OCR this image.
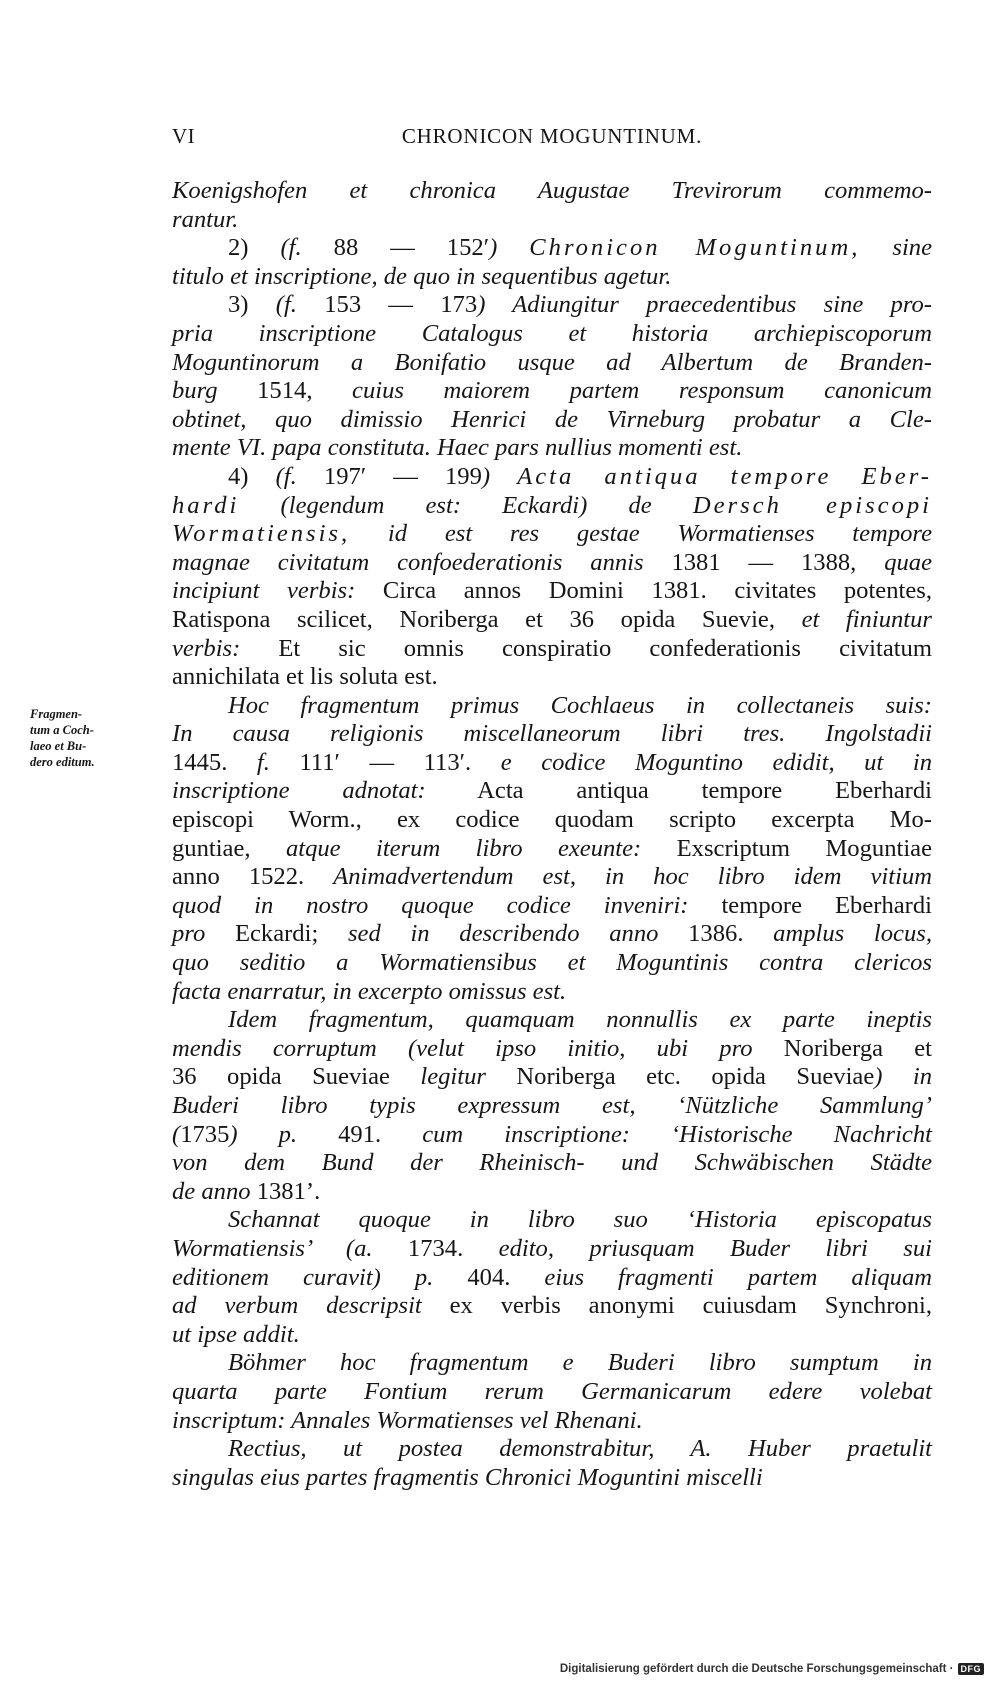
VI	CHRONICON MOGUNTINUM.
Fragmen-
tum a Coch-
laeo et Bu-
dero editum.
Koenigshofen et chronica Augustae Trevirorum commemo-
rantur.
2) (f. 88 — 152′) Chronicon Moguntinum, sine
titulo et inscriptione, de quo in sequentibus agetur.
3) (f. 153 — 173) Adiungitur praecedentibus sine pro-
pria inscriptione Catalogus et historia archiepiscoporum
Moguntinorum a Bonifatio usque ad Albertum de Branden-
burg 1514, cuius maiorem partem responsum canonicum
obtinet, quo dimissio Henrici de Virneburg probatur a Cle-
mente VI. papa constituta. Haec pars nullius momenti est.
4) (f. 197′ — 199) Acta antiqua tempore Eber-
hardi (legendum est: Eckardi) de Dersch episcopi
Wormatiensis, id est res gestae Wormatienses tempore
magnae civitatum confoederationis annis 1381 — 1388, quae
incipiunt verbis: Circa annos Domini 1381. civitates potentes,
Ratispona scilicet, Noriberga et 36 opida Suevie, et finiuntur
verbis: Et sic omnis conspiratio confederationis civitatum
annichilata et lis soluta est.
Hoc fragmentum primus Cochlaeus in collectaneis suis:
In causa religionis miscellaneorum libri tres. Ingolstadii
1445. f. 111′ — 113′. e codice Moguntino edidit, ut in
inscriptione adnotat: Acta antiqua tempore Eberhardi
episcopi Worm., ex codice quodam scripto excerpta Mo-
guntiae, atque iterum libro exeunte: Exscriptum Moguntiae
anno 1522. Animadvertendum est, in hoc libro idem vitium
quod in nostro quoque codice inveniri: tempore Eberhardi
pro Eckardi; sed in describendo anno 1386. amplus locus,
quo seditio a Wormatiensibus et Moguntinis contra clericos
facta enarratur, in excerpto omissus est.
Idem fragmentum, quamquam nonnullis ex parte ineptis
mendis corruptum (velut ipso initio, ubi pro Noriberga et
36 opida Sueviae legitur Noriberga etc. opida Sueviae) in
Buderi libro typis expressum est, ‘Nützliche Sammlung’
(1735) p. 491. cum inscriptione: ‘Historische Nachricht
von dem Bund der Rheinisch- und Schwäbischen Städte
de anno 1381’.
Schannat quoque in libro suo ‘Historia episcopatus
Wormatiensis’ (a. 1734. edito, priusquam Buder libri sui
editionem curavit) p. 404. eius fragmenti partem aliquam
ad verbum descripsit ex verbis anonymi cuiusdam Synchroni,
ut ipse addit.
Böhmer hoc fragmentum e Buderi libro sumptum in
quarta parte Fontium rerum Germanicarum edere volebat
inscriptum: Annales Wormatienses vel Rhenani.
Rectius, ut postea demonstrabitur, A. Huber praetulit
singulas eius partes fragmentis Chronici Moguntini miscelli
Digitalisierung gefördert durch die Deutsche Forschungsgemeinschaft · DFG
